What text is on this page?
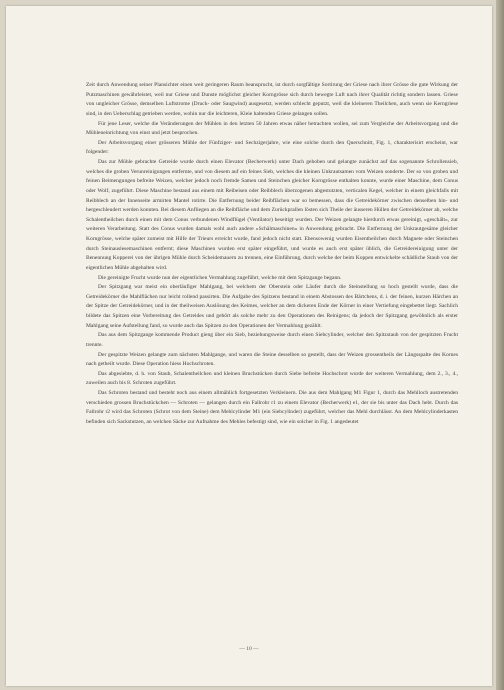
Zeit durch Anwendung seiner Plansichter einen weit geringeren Raum beansprucht, ist durch sorgfältige Sortirung der Griese nach ihrer Grösse die gute Wirkung der Putzmaschinen gewährleistet, weil nur Griese und Dunste möglichst gleicher Korngrösse sich durch bewegte Luft nach ihrer Qualität richtig sondern lassen. Griese von ungleicher Grösse, demselben Luftstrome (Druck- oder Saugwind) ausgesetzt, werden schlecht geputzt, weil die kleineren Theilchen, auch wenn sie Kerngriese sind, in den Ueberschlag getrieben werden, wohin nur die leichteren, Kleie haltenden Griese gelangen sollen.

Für jene Leser, welche die Veränderungen der Mühlen in den letzten 50 Jahren etwas näher betrachten wollen, sei zum Vergleiche der Arbeitsvorgang und die Mühleneinrichtung von einst und jetzt besprochen.

Der Arbeitsvorgang einer grösseren Mühle der Fünfziger- und Sechzigerjahre, wie eine solche durch den Querschnitt, Fig. 1, charakterisirt erscheint, war folgender:

Das zur Mühle gebrachte Getreide wurde durch einen Elevator (Becherwerk) unter Dach gehoben und gelangte zunächst auf das sogenannte Schrollensieb, welches die groben Verunreinigungen entfernte, und von diesem auf ein feines Sieb, welches die kleinen Unkrautsamen vom Weizen sonderte. Der so von groben und feinen Beimengungen befreite Weizen, welcher jedoch noch fremde Samen und Steinchen gleicher Korngrösse enthalten konnte, wurde einer Maschine, dem Conus oder Wolf, zugeführt. Diese Maschine bestand aus einem mit Reibeisen oder Reibblech überzogenen abgestutzten, verticalen Kegel, welcher in einem gleichfalls mit Reibblech an der Innenseite armirten Mantel rotirte. Die Entfernung beider Reibflächen war so bemessen, dass die Getreidekörner zwischen denselben hin- und hergeschleudert werden konnten. Bei diesem Anfliegen an die Reibfläche und dem Zurückprallen lösten sich Theile der äusseren Hüllen der Getreidekörner ab, welche Schalentheilchen durch einen mit dem Conus verbundenen Windflügel (Ventilator) beseitigt wurden. Der Weizen gelangte hierdurch etwas gereinigt, »geschält«, zur weiteren Verarbeitung. Statt des Conus wurden damals wohl auch andere »Schälmaschinen« in Anwendung gebracht. Die Entfernung der Unkrautgesäme gleicher Korngrösse, welche später zumeist mit Hilfe der Trieurs erreicht wurde, fand jedoch nicht statt. Ebensowenig wurden Eisentheilchen durch Magnete oder Steinchen durch Steinauslesemaschinen entfernt; diese Maschinen wurden erst später eingeführt, und wurde es auch erst später üblich, die Getreidereinigung unter der Benennung Kopperei von der übrigen Mühle durch Scheidemauern zu trennen, eine Einführung, durch welche der beim Koppen entwickelte schädliche Staub von der eigentlichen Mühle abgehalten wird.

Die gereinigte Frucht wurde nun der eigentlichen Vermahlung zugeführt, welche mit dem Spitzgange begann.

Der Spitzgang war meist ein oberläufiger Mahlgang, bei welchem der Oberstein oder Läufer durch die Steinstellung so hoch gestellt wurde, dass die Getreidekörner die Mahlflächen nur leicht rollend passirten. Die Aufgabe des Spitzens bestand in einem Abstossen des Bärtchens, d. i. der feinen, kurzen Härchen an der Spitze der Getreidekörner, und in der theilweisen Auslösung des Keimes, welcher an dem dickeren Ende der Körner in einer Vertiefung eingebettet liegt. Sachlich bildete das Spitzen eine Vorbereitung des Getreides und gehört als solche mehr zu den Operationen des Reinigens; da jedoch der Spitzgang gewöhnlich als erster Mahlgang seine Aufstellung fand, so wurde auch das Spitzen zu den Operationen der Vermahlung gezählt.

Das aus dem Spitzgange kommende Product gieng über ein Sieb, beziehungsweise durch einen Siebcylinder, welcher den Spitzstaub von der gespitzten Frucht trennte.

Der gespitzte Weizen gelangte zum nächsten Mahlgange, und waren die Steine desselben so gestellt, dass der Weizen grossentheils der Längsspalte des Kornes nach getheilt wurde. Diese Operation hiess Hochschroten.

Das abgesiebte, d. h. von Staub, Schalentheilchen und kleinen Bruchstücken durch Siebe befreite Hochschrot wurde der weiteren Vermahlung, dem 2., 3., 4., zuweilen auch bis 8. Schroten zugeführt.

Das Schroten bestand und besteht noch aus einem allmählich fortgesetzten Verkleinern. Die aus dem Mahlgang M1 Figur 1, durch das Mehlloch austretenden verschieden grossen Bruchstückchen — Schroten — gelangen durch ein Fallrohr r1 zu einem Elevator (Becherwerk) e1, der sie bis unter das Dach hebt. Durch das Fallrohr r2 wird das Schroten (Schrot von dem Steine) dem Mehlcylinder M1 (ein Siebcylinder) zugeführt, welcher das Mehl durchlässt. An dem Mehlcylinderkasten befinden sich Sackstutzen, an welchen Säcke zur Aufnahme des Mehles befestigt sind, wie ein solcher in Fig. 1 angedeutet

— 10 —
